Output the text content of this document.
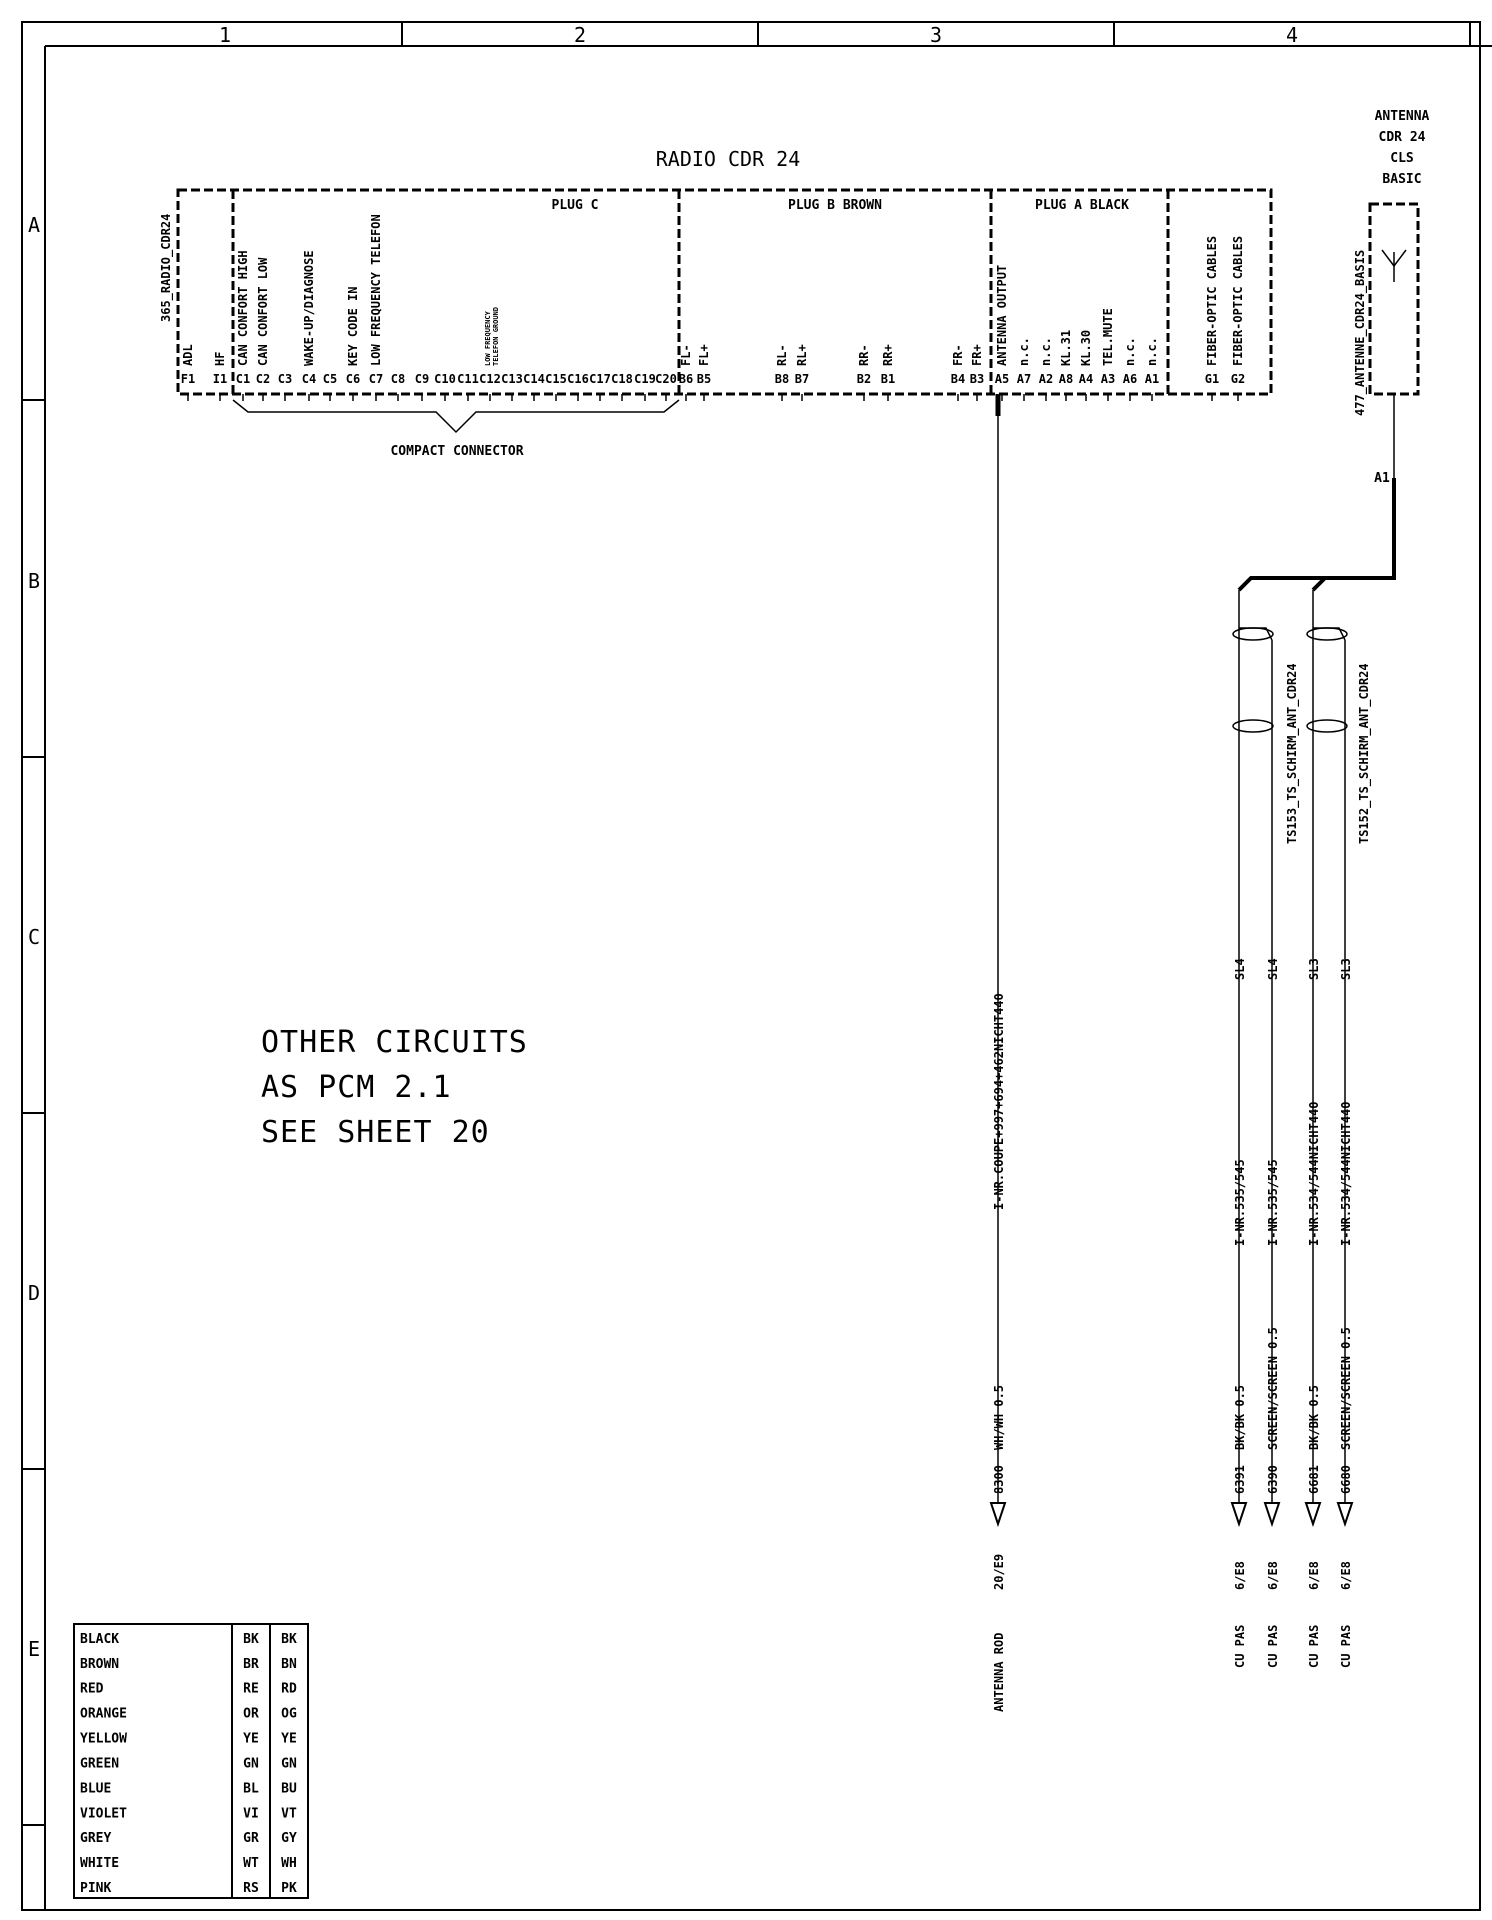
1	2	3	4
A
B
C
D
E
RADIO CDR 24
365_RADIO_CDR24
PLUG C	PLUG B BROWN	PLUG A BLACK
F1
ADL
I1
HF
C1
CAN CONFORT HIGH
C2
CAN CONFORT LOW
C3 C4
WAKE-UP/DIAGNOSE
C5 C6
KEY CODE IN
C7
LOW FREQUENCY TELEFON
C8 C9 C10 C11 C12
LOW FREQUENCY TELEFON GROUND
C13 C14 C15 C16 C17 C18 C19 C20 B6
FL-
B5
FL+
B8
RL-
B7
RL+
B2
RR-
B1
RR+
B4
FR-
B3
FR+
A5
ANTENNA OUTPUT
A7
n.c.
A2
n.c.
A8
KL.31
A4
KL.30
A3
TEL.MUTE
A6
n.c.
A1
n.c.
G1
FIBER-OPTIC CABLES
G2
FIBER-OPTIC CABLES
COMPACT CONNECTOR
ANTENNA
CDR 24
CLS
BASIC
477_ANTENNE_CDR24_BASIS
A1
TS153_TS_SCHIRM_ANT_CDR24	TS152_TS_SCHIRM_ANT_CDR24
8300
WH/WH 0.5
I-NR.COUPE+997+694+462NICHT440
20/E9
ANTENNA ROD
6391
BK/BK 0.5
I-NR.535/545
SL4
6/E8
CU PAS
6390
SCREEN/SCREEN 0.5
I-NR.535/545
SL4
6/E8
CU PAS
6681
BK/BK 0.5
I-NR.534/544NICHT440
SL3
6/E8
CU PAS
6680
SCREEN/SCREEN 0.5
I-NR.534/544NICHT440
SL3
6/E8
CU PAS
OTHER CIRCUITS
AS PCM 2.1
SEE SHEET 20
BLACK	BK BK
BROWN	BR BN
RED	RE RD
ORANGE	OR OG
YELLOW	YE YE
GREEN	GN GN
BLUE	BL BU
VIOLET	VI VT
GREY	GR GY
WHITE	WT WH
PINK	RS PK
